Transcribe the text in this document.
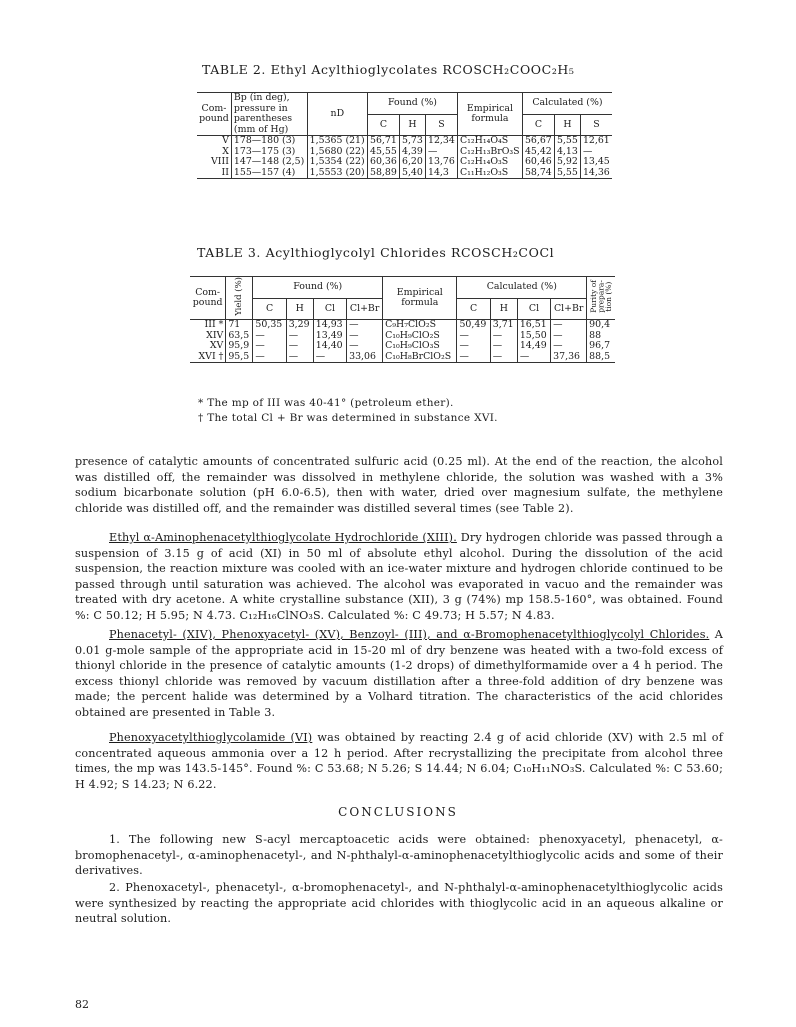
TABLE 2. Ethyl Acylthioglycolates RCOSCH₂COOC₂H₅
Com-
pound	Bp (in deg),
pressure in
parentheses
(mm of Hg)	nD	Found (%)			Empirical
formula	Calculated (%)		
			C	H	S		C	H	S
V	178—180 (3)	1,5365 (21)	56,71	5,73	12,34	C₁₂H₁₄O₄S	56,67	5,55	12,61
X	173—175 (3)	1,5680 (22)	45,55	4,39	—	C₁₂H₁₃BrO₃S	45,42	4,13	—
VIII	147—148 (2,5)	1,5354 (22)	60,36	6,20	13,76	C₁₂H₁₄O₃S	60,46	5,92	13,45
II	155—157 (4)	1,5553 (20)	58,89	5,40	14,3	C₁₁H₁₂O₃S	58,74	5,55	14,36
TABLE 3. Acylthioglycolyl Chlorides RCOSCH₂COCl
Com-
pound	Yield (%)	Found (%)				Empirical
formula	Calculated (%)				Purity of
prepara-
tion (%)
		C	H	Cl	Cl+Br		C	H	Cl	Cl+Br	
III *	71	50,35	3,29	14,93	—	C₉H₇ClO₂S	50,49	3,71	16,51	—	90,4
XIV	63,5	—	—	13,49	—	C₁₀H₉ClO₂S	—	—	15,50	—	88
XV	95,9	—	—	14,40	—	C₁₀H₉ClO₃S	—	—	14,49	—	96,7
XVI †	95,5	—	—	—	33,06	C₁₀H₈BrClO₂S	—	—	—	37,36	88,5
* The mp of III was 40-41° (petroleum ether).
† The total Cl + Br was determined in substance XVI.
presence of catalytic amounts of concentrated sulfuric acid (0.25 ml). At the end of the reaction, the alcohol was distilled off, the remainder was dissolved in methylene chloride, the solution was washed with a 3% sodium bicarbonate solution (pH 6.0-6.5), then with water, dried over magnesium sulfate, the methylene chloride was distilled off, and the remainder was distilled several times (see Table 2).
Ethyl α-Aminophenacetylthioglycolate Hydrochloride (XIII). Dry hydrogen chloride was passed through a suspension of 3.15 g of acid (XI) in 50 ml of absolute ethyl alcohol. During the dissolution of the acid suspension, the reaction mixture was cooled with an ice-water mixture and hydrogen chloride continued to be passed through until saturation was achieved. The alcohol was evaporated in vacuo and the remainder was treated with dry acetone. A white crystalline substance (XII), 3 g (74%) mp 158.5-160°, was obtained. Found %: C 50.12; H 5.95; N 4.73. C₁₂H₁₆ClNO₃S. Calculated %: C 49.73; H 5.57; N 4.83.
Phenacetyl- (XIV), Phenoxyacetyl- (XV), Benzoyl- (III), and α-Bromophenacetylthioglycolyl Chlorides. A 0.01 g-mole sample of the appropriate acid in 15-20 ml of dry benzene was heated with a two-fold excess of thionyl chloride in the presence of catalytic amounts (1-2 drops) of dimethylformamide over a 4 h period. The excess thionyl chloride was removed by vacuum distillation after a three-fold addition of dry benzene was made; the percent halide was determined by a Volhard titration. The characteristics of the acid chlorides obtained are presented in Table 3.
Phenoxyacetylthioglycolamide (VI) was obtained by reacting 2.4 g of acid chloride (XV) with 2.5 ml of concentrated aqueous ammonia over a 12 h period. After recrystallizing the precipitate from alcohol three times, the mp was 143.5-145°. Found %: C 53.68; N 5.26; S 14.44; N 6.04; C₁₀H₁₁NO₃S. Calculated %: C 53.60; H 4.92; S 14.23; N 6.22.
CONCLUSIONS
1. The following new S-acyl mercaptoacetic acids were obtained: phenoxyacetyl, phenacetyl, α-bromophenacetyl-, α-aminophenacetyl-, and N-phthalyl-α-aminophenacetylthioglycolic acids and some of their derivatives.
2. Phenoxacetyl-, phenacetyl-, α-bromophenacetyl-, and N-phthalyl-α-aminophenacetylthioglycolic acids were synthesized by reacting the appropriate acid chlorides with thioglycolic acid in an aqueous alkaline or neutral solution.
82
